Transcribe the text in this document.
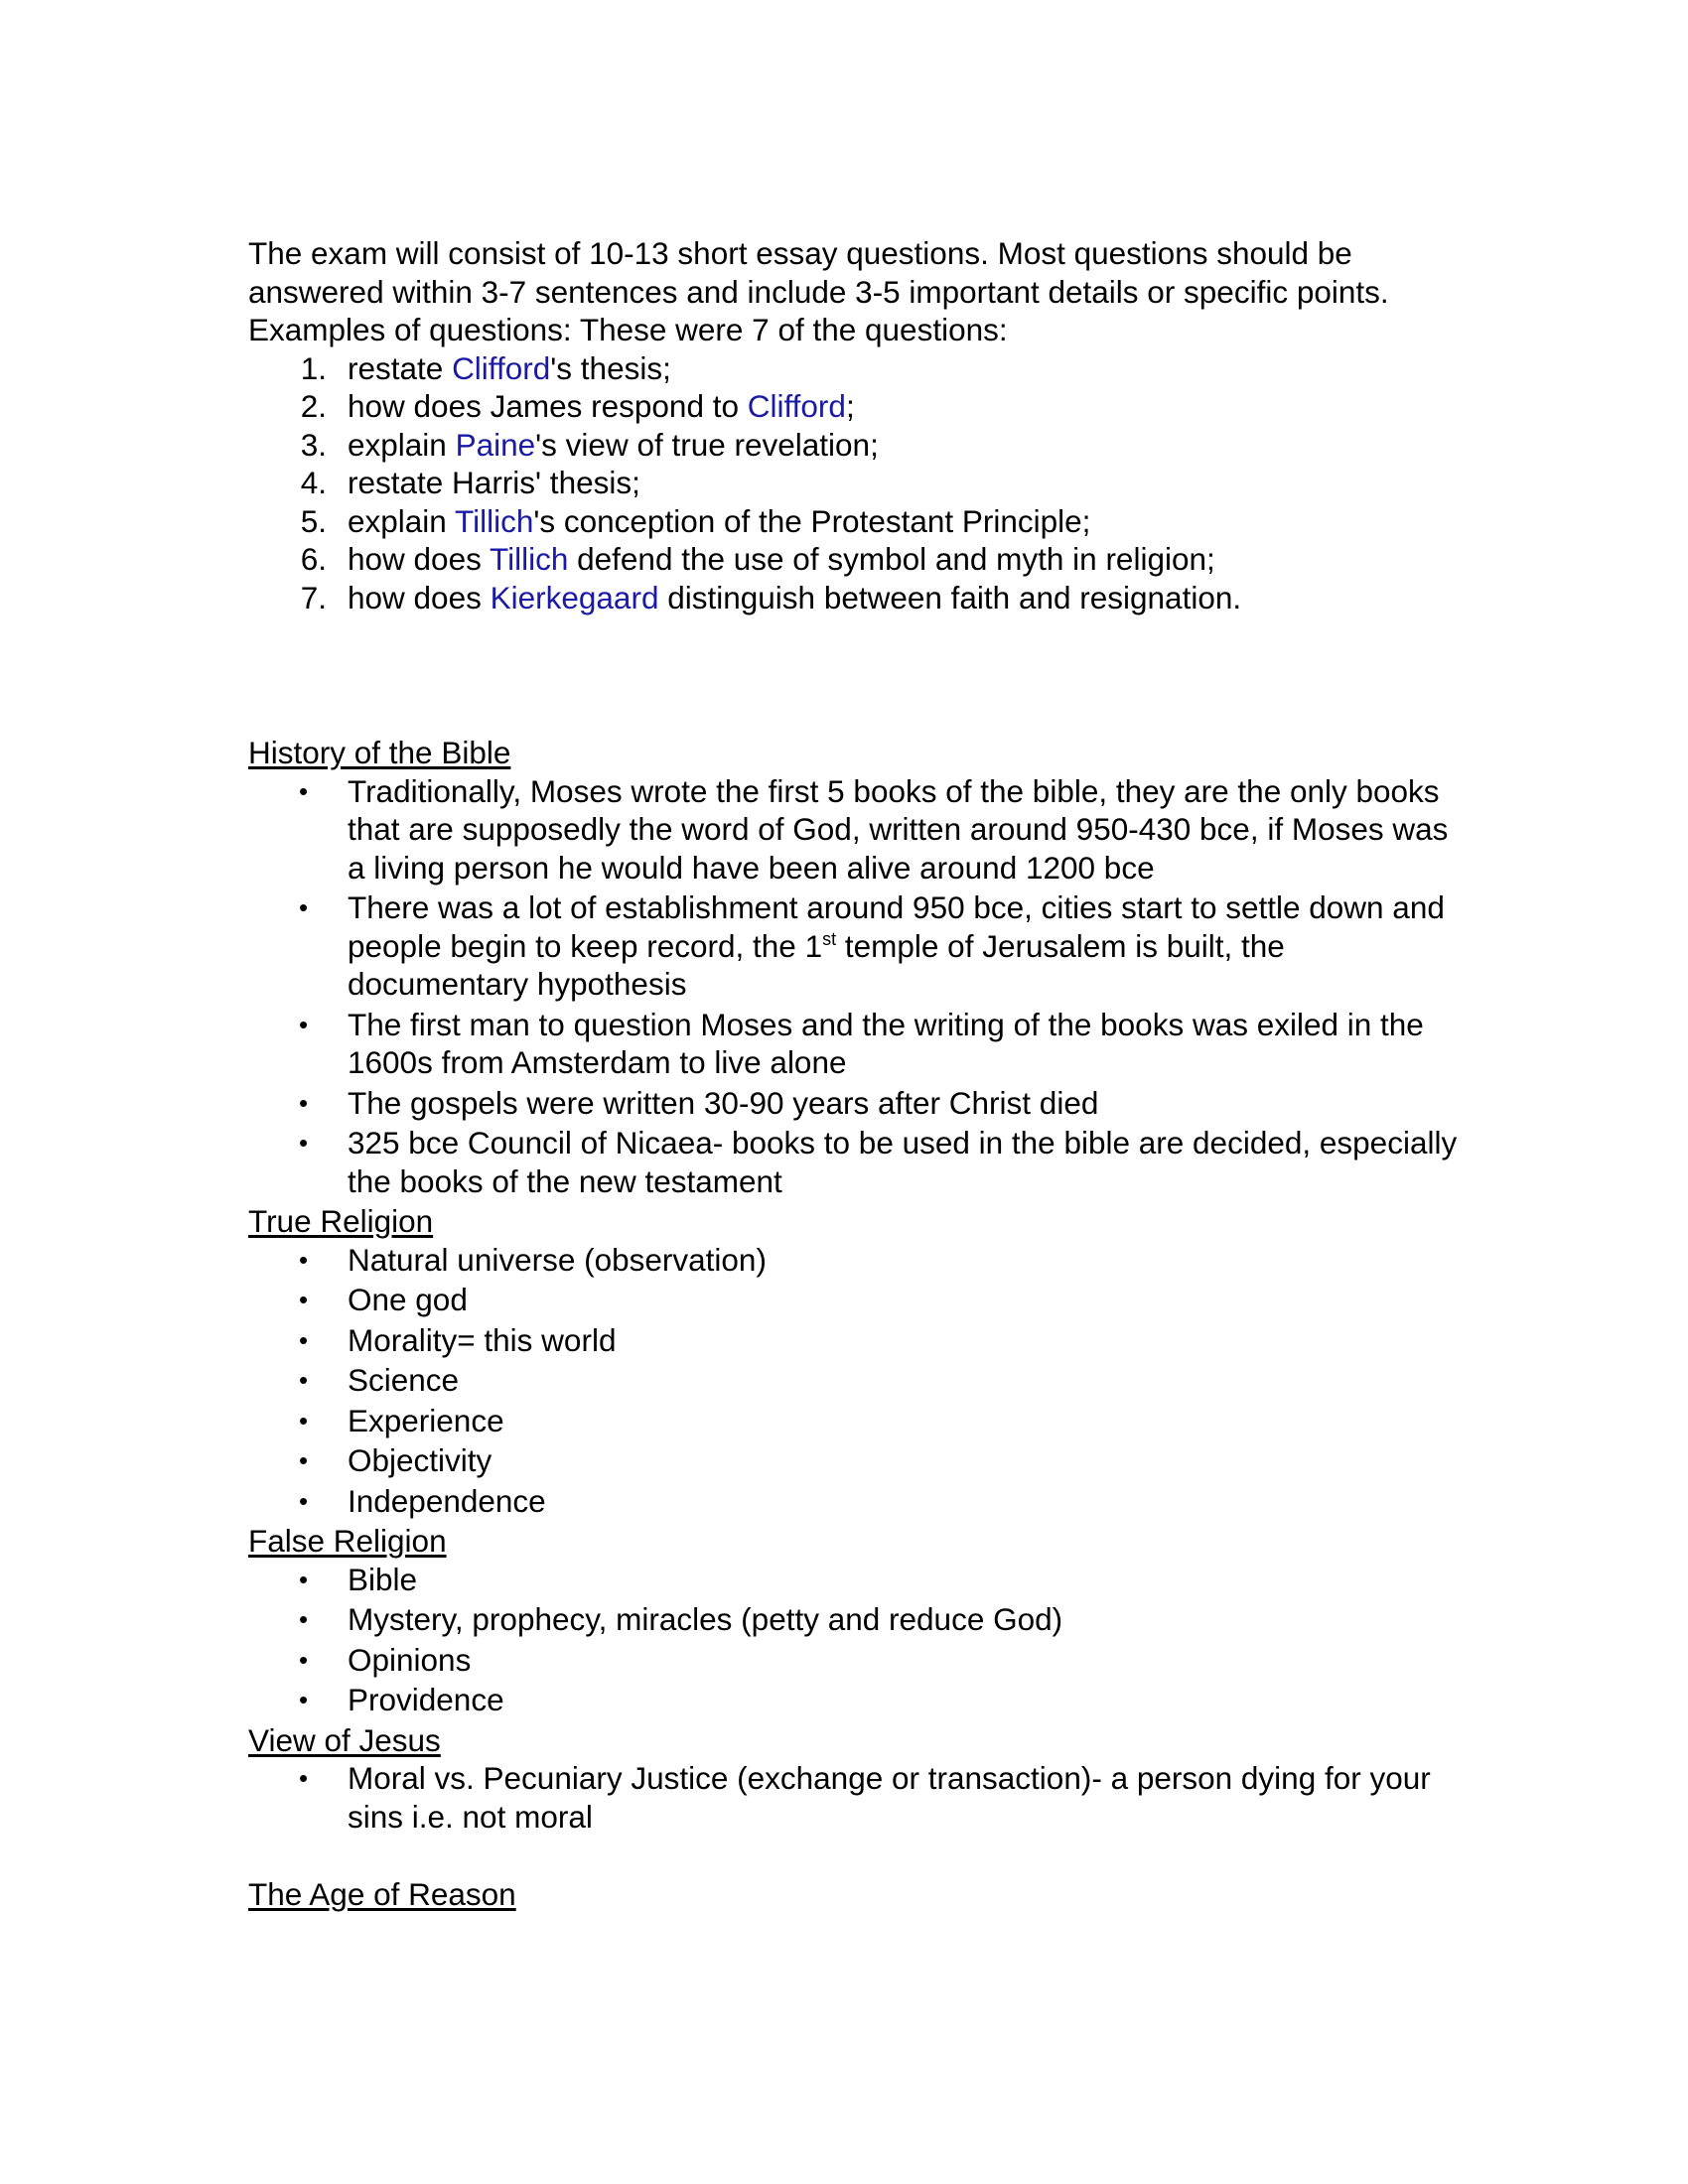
The exam will consist of 10-13 short essay questions. Most questions should be answered within 3-7 sentences and include 3-5 important details or specific points. Examples of questions: These were 7 of the questions:

1. restate Clifford's thesis;
2. how does James respond to Clifford;
3. explain Paine's view of true revelation;
4. restate Harris' thesis;
5. explain Tillich's conception of the Protestant Principle;
6. how does Tillich defend the use of symbol and myth in religion;
7. how does Kierkegaard distinguish between faith and resignation.

History of the Bible

• Traditionally, Moses wrote the first 5 books of the bible, they are the only books that are supposedly the word of God, written around 950-430 bce, if Moses was a living person he would have been alive around 1200 bce
• There was a lot of establishment around 950 bce, cities start to settle down and people begin to keep record, the 1st temple of Jerusalem is built, the documentary hypothesis
• The first man to question Moses and the writing of the books was exiled in the 1600s from Amsterdam to live alone
• The gospels were written 30-90 years after Christ died
• 325 bce Council of Nicaea- books to be used in the bible are decided, especially the books of the new testament

True Religion

• Natural universe (observation)
• One god
• Morality= this world
• Science
• Experience
• Objectivity
• Independence

False Religion

• Bible
• Mystery, prophecy, miracles (petty and reduce God)
• Opinions
• Providence

View of Jesus

• Moral vs. Pecuniary Justice (exchange or transaction)- a person dying for your sins i.e. not moral

The Age of Reason
